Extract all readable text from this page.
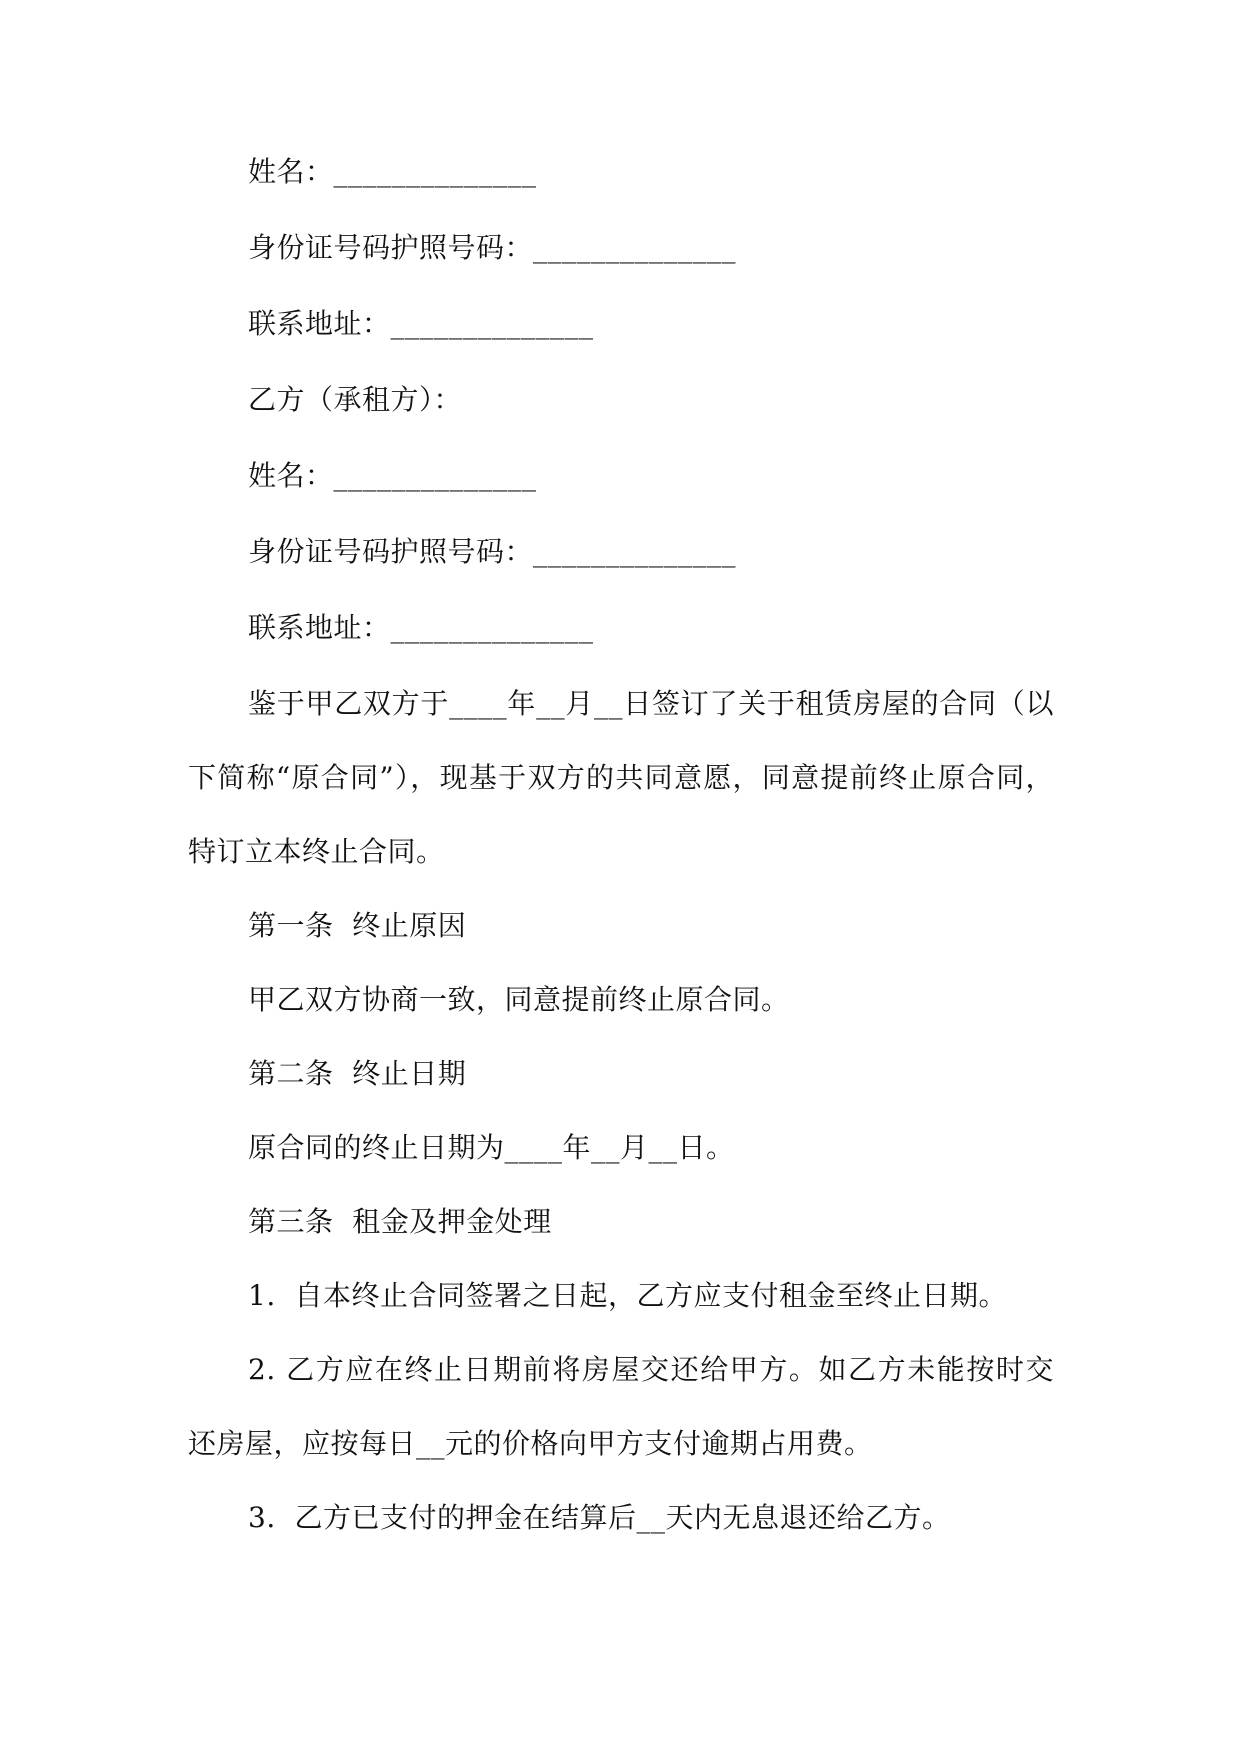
姓名：______________
身份证号码护照号码：______________
联系地址：______________
乙方（承租方）：
姓名：______________
身份证号码护照号码：______________
联系地址：______________
鉴于甲乙双方于____年__月__日签订了关于租赁房屋的合同（以
下简称“原合同”），现基于双方的共同意愿，同意提前终止原合同，
特订立本终止合同。
第一条  终止原因
甲乙双方协商一致，同意提前终止原合同。
第二条  终止日期
原合同的终止日期为____年__月__日。
第三条  租金及押金处理
1.  自本终止合同签署之日起，乙方应支付租金至终止日期。
2. 乙方应在终止日期前将房屋交还给甲方。如乙方未能按时交
还房屋，应按每日__元的价格向甲方支付逾期占用费。
3.  乙方已支付的押金在结算后__天内无息退还给乙方。
